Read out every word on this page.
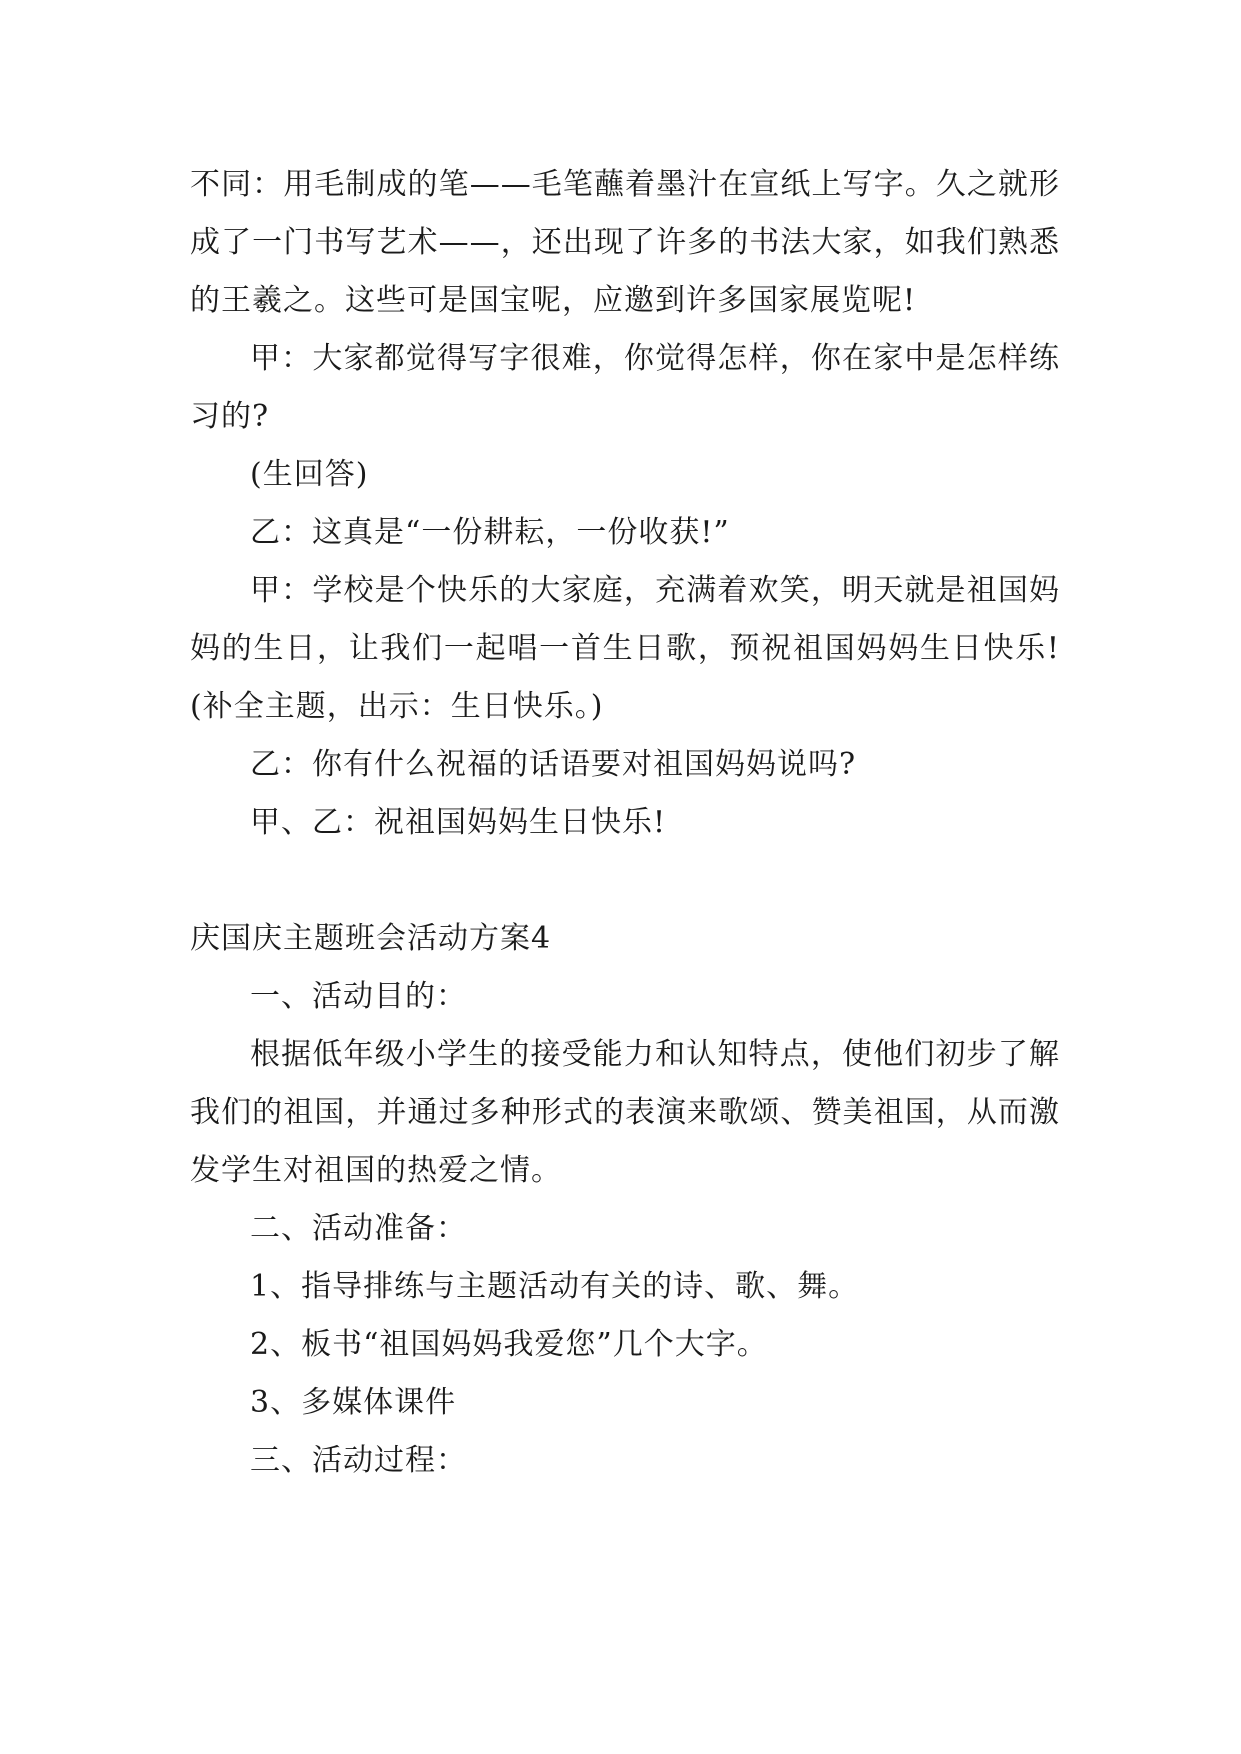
不同：用毛制成的笔——毛笔蘸着墨汁在宣纸上写字。久之就形成了一门书写艺术——，还出现了许多的书法大家，如我们熟悉的王羲之。这些可是国宝呢，应邀到许多国家展览呢!

甲：大家都觉得写字很难，你觉得怎样，你在家中是怎样练习的?

(生回答)

乙：这真是“一份耕耘，一份收获!”

甲：学校是个快乐的大家庭，充满着欢笑，明天就是祖国妈妈的生日，让我们一起唱一首生日歌，预祝祖国妈妈生日快乐!(补全主题，出示：生日快乐。)

乙：你有什么祝福的话语要对祖国妈妈说吗?

甲、乙：祝祖国妈妈生日快乐!

庆国庆主题班会活动方案4

一、活动目的：

根据低年级小学生的接受能力和认知特点，使他们初步了解我们的祖国，并通过多种形式的表演来歌颂、赞美祖国，从而激发学生对祖国的热爱之情。

二、活动准备：

1、指导排练与主题活动有关的诗、歌、舞。

2、板书“祖国妈妈我爱您”几个大字。

3、多媒体课件

三、活动过程：
